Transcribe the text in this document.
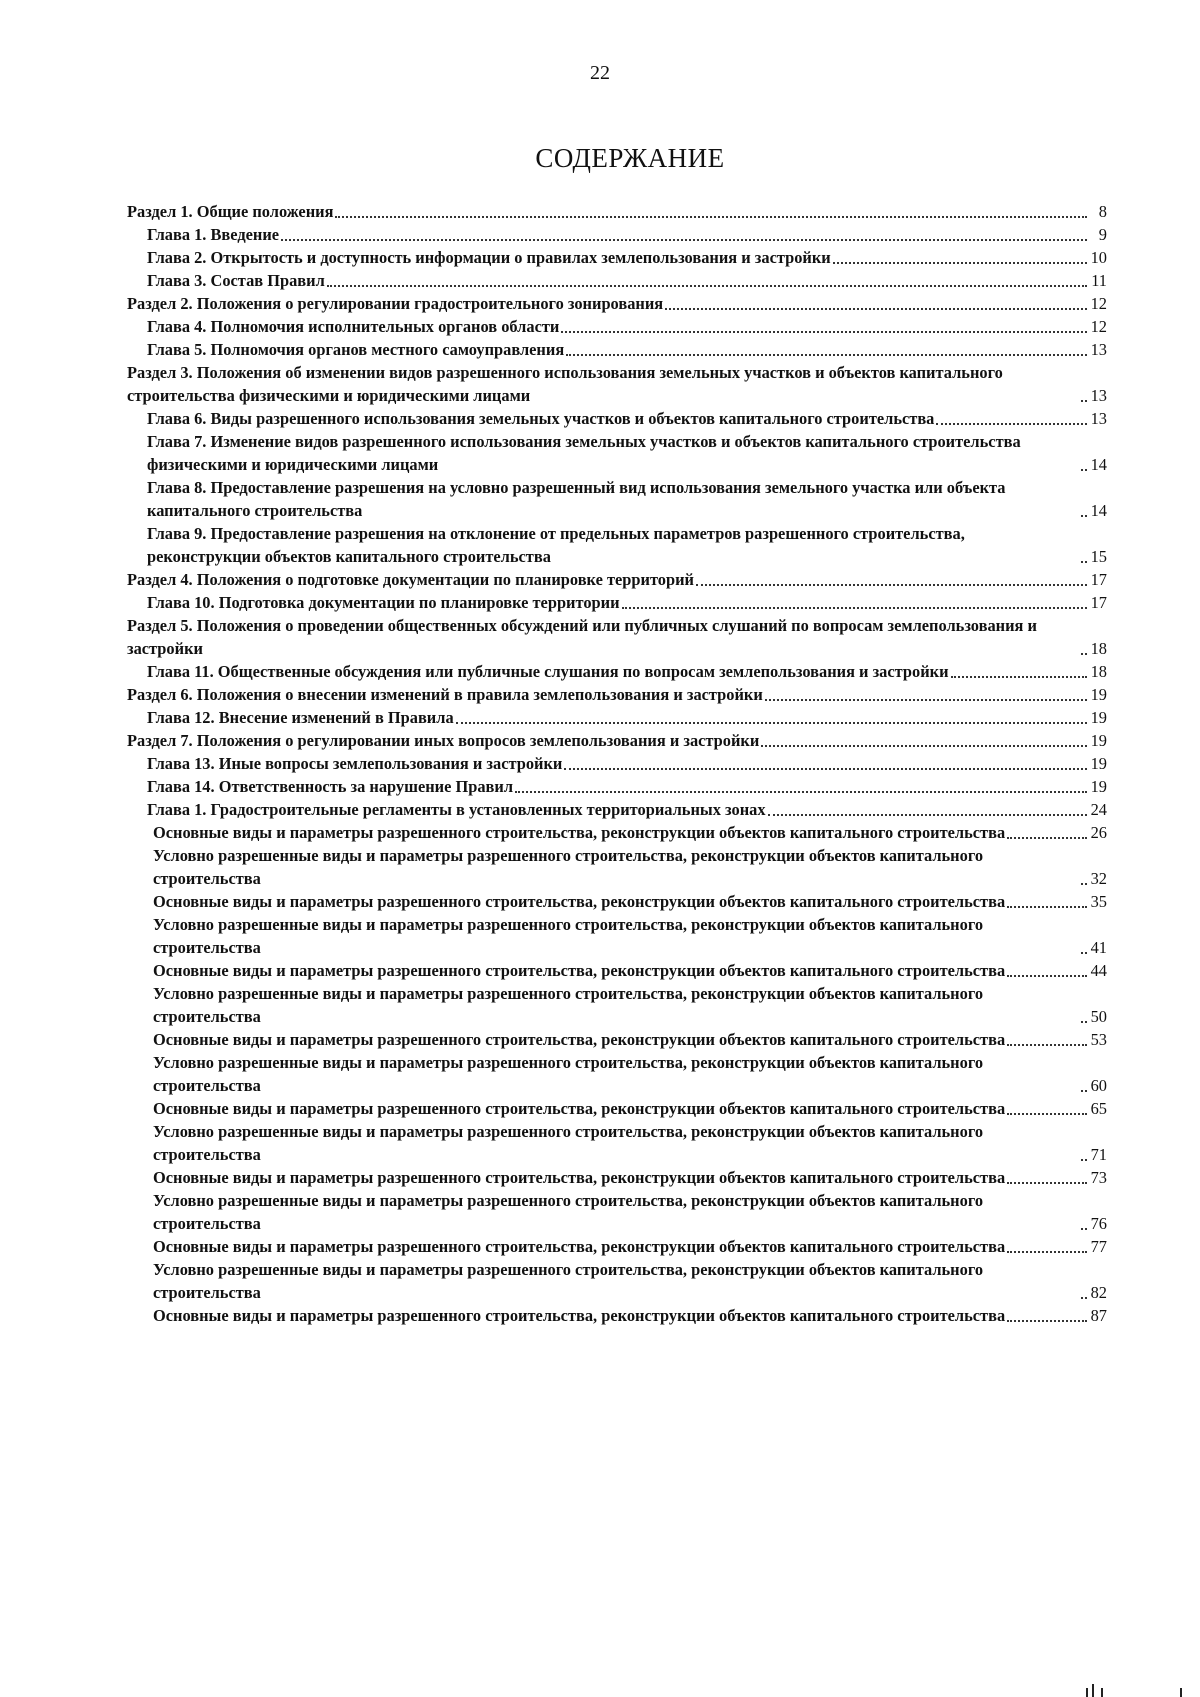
22
СОДЕРЖАНИЕ
Раздел 1. Общие положения	8
Глава 1. Введение	9
Глава 2. Открытость и доступность информации о правилах землепользования и застройки	10
Глава 3. Состав Правил	11
Раздел 2. Положения о регулировании градостроительного зонирования	12
Глава 4. Полномочия исполнительных органов области	12
Глава 5. Полномочия органов местного самоуправления	13
Раздел 3. Положения об изменении видов разрешенного использования земельных участков и объектов капитального строительства физическими и юридическими лицами	13
Глава 6. Виды разрешенного использования земельных участков и объектов капитального строительства	13
Глава 7. Изменение видов разрешенного использования земельных участков и объектов капитального строительства физическими и юридическими лицами	14
Глава 8. Предоставление разрешения на условно разрешенный вид использования земельного участка или объекта капитального строительства	14
Глава 9. Предоставление разрешения на отклонение от предельных параметров разрешенного строительства, реконструкции объектов капитального строительства	15
Раздел 4. Положения о подготовке документации по планировке территорий	17
Глава 10. Подготовка документации по планировке территории	17
Раздел 5. Положения о проведении общественных обсуждений или публичных слушаний по вопросам землепользования и застройки	18
Глава 11. Общественные обсуждения или публичные слушания по вопросам землепользования и застройки	18
Раздел 6. Положения о внесении изменений в правила землепользования и застройки	19
Глава 12. Внесение изменений в Правила	19
Раздел 7. Положения о регулировании иных вопросов землепользования и застройки	19
Глава 13. Иные вопросы землепользования и застройки	19
Глава 14. Ответственность за нарушение Правил	19
Глава 1. Градостроительные регламенты в установленных территориальных зонах	24
Основные виды и параметры разрешенного строительства, реконструкции объектов капитального строительства	26
Условно разрешенные виды и параметры разрешенного строительства, реконструкции объектов капитального строительства	32
Основные виды и параметры разрешенного строительства, реконструкции объектов капитального строительства	35
Условно разрешенные виды и параметры разрешенного строительства, реконструкции объектов капитального строительства	41
Основные виды и параметры разрешенного строительства, реконструкции объектов капитального строительства	44
Условно разрешенные виды и параметры разрешенного строительства, реконструкции объектов капитального строительства	50
Основные виды и параметры разрешенного строительства, реконструкции объектов капитального строительства	53
Условно разрешенные виды и параметры разрешенного строительства, реконструкции объектов капитального строительства	60
Основные виды и параметры разрешенного строительства, реконструкции объектов капитального строительства	65
Условно разрешенные виды и параметры разрешенного строительства, реконструкции объектов капитального строительства	71
Основные виды и параметры разрешенного строительства, реконструкции объектов капитального строительства	73
Условно разрешенные виды и параметры разрешенного строительства, реконструкции объектов капитального строительства	76
Основные виды и параметры разрешенного строительства, реконструкции объектов капитального строительства	77
Условно разрешенные виды и параметры разрешенного строительства, реконструкции объектов капитального строительства	82
Основные виды и параметры разрешенного строительства, реконструкции объектов капитального строительства	87
